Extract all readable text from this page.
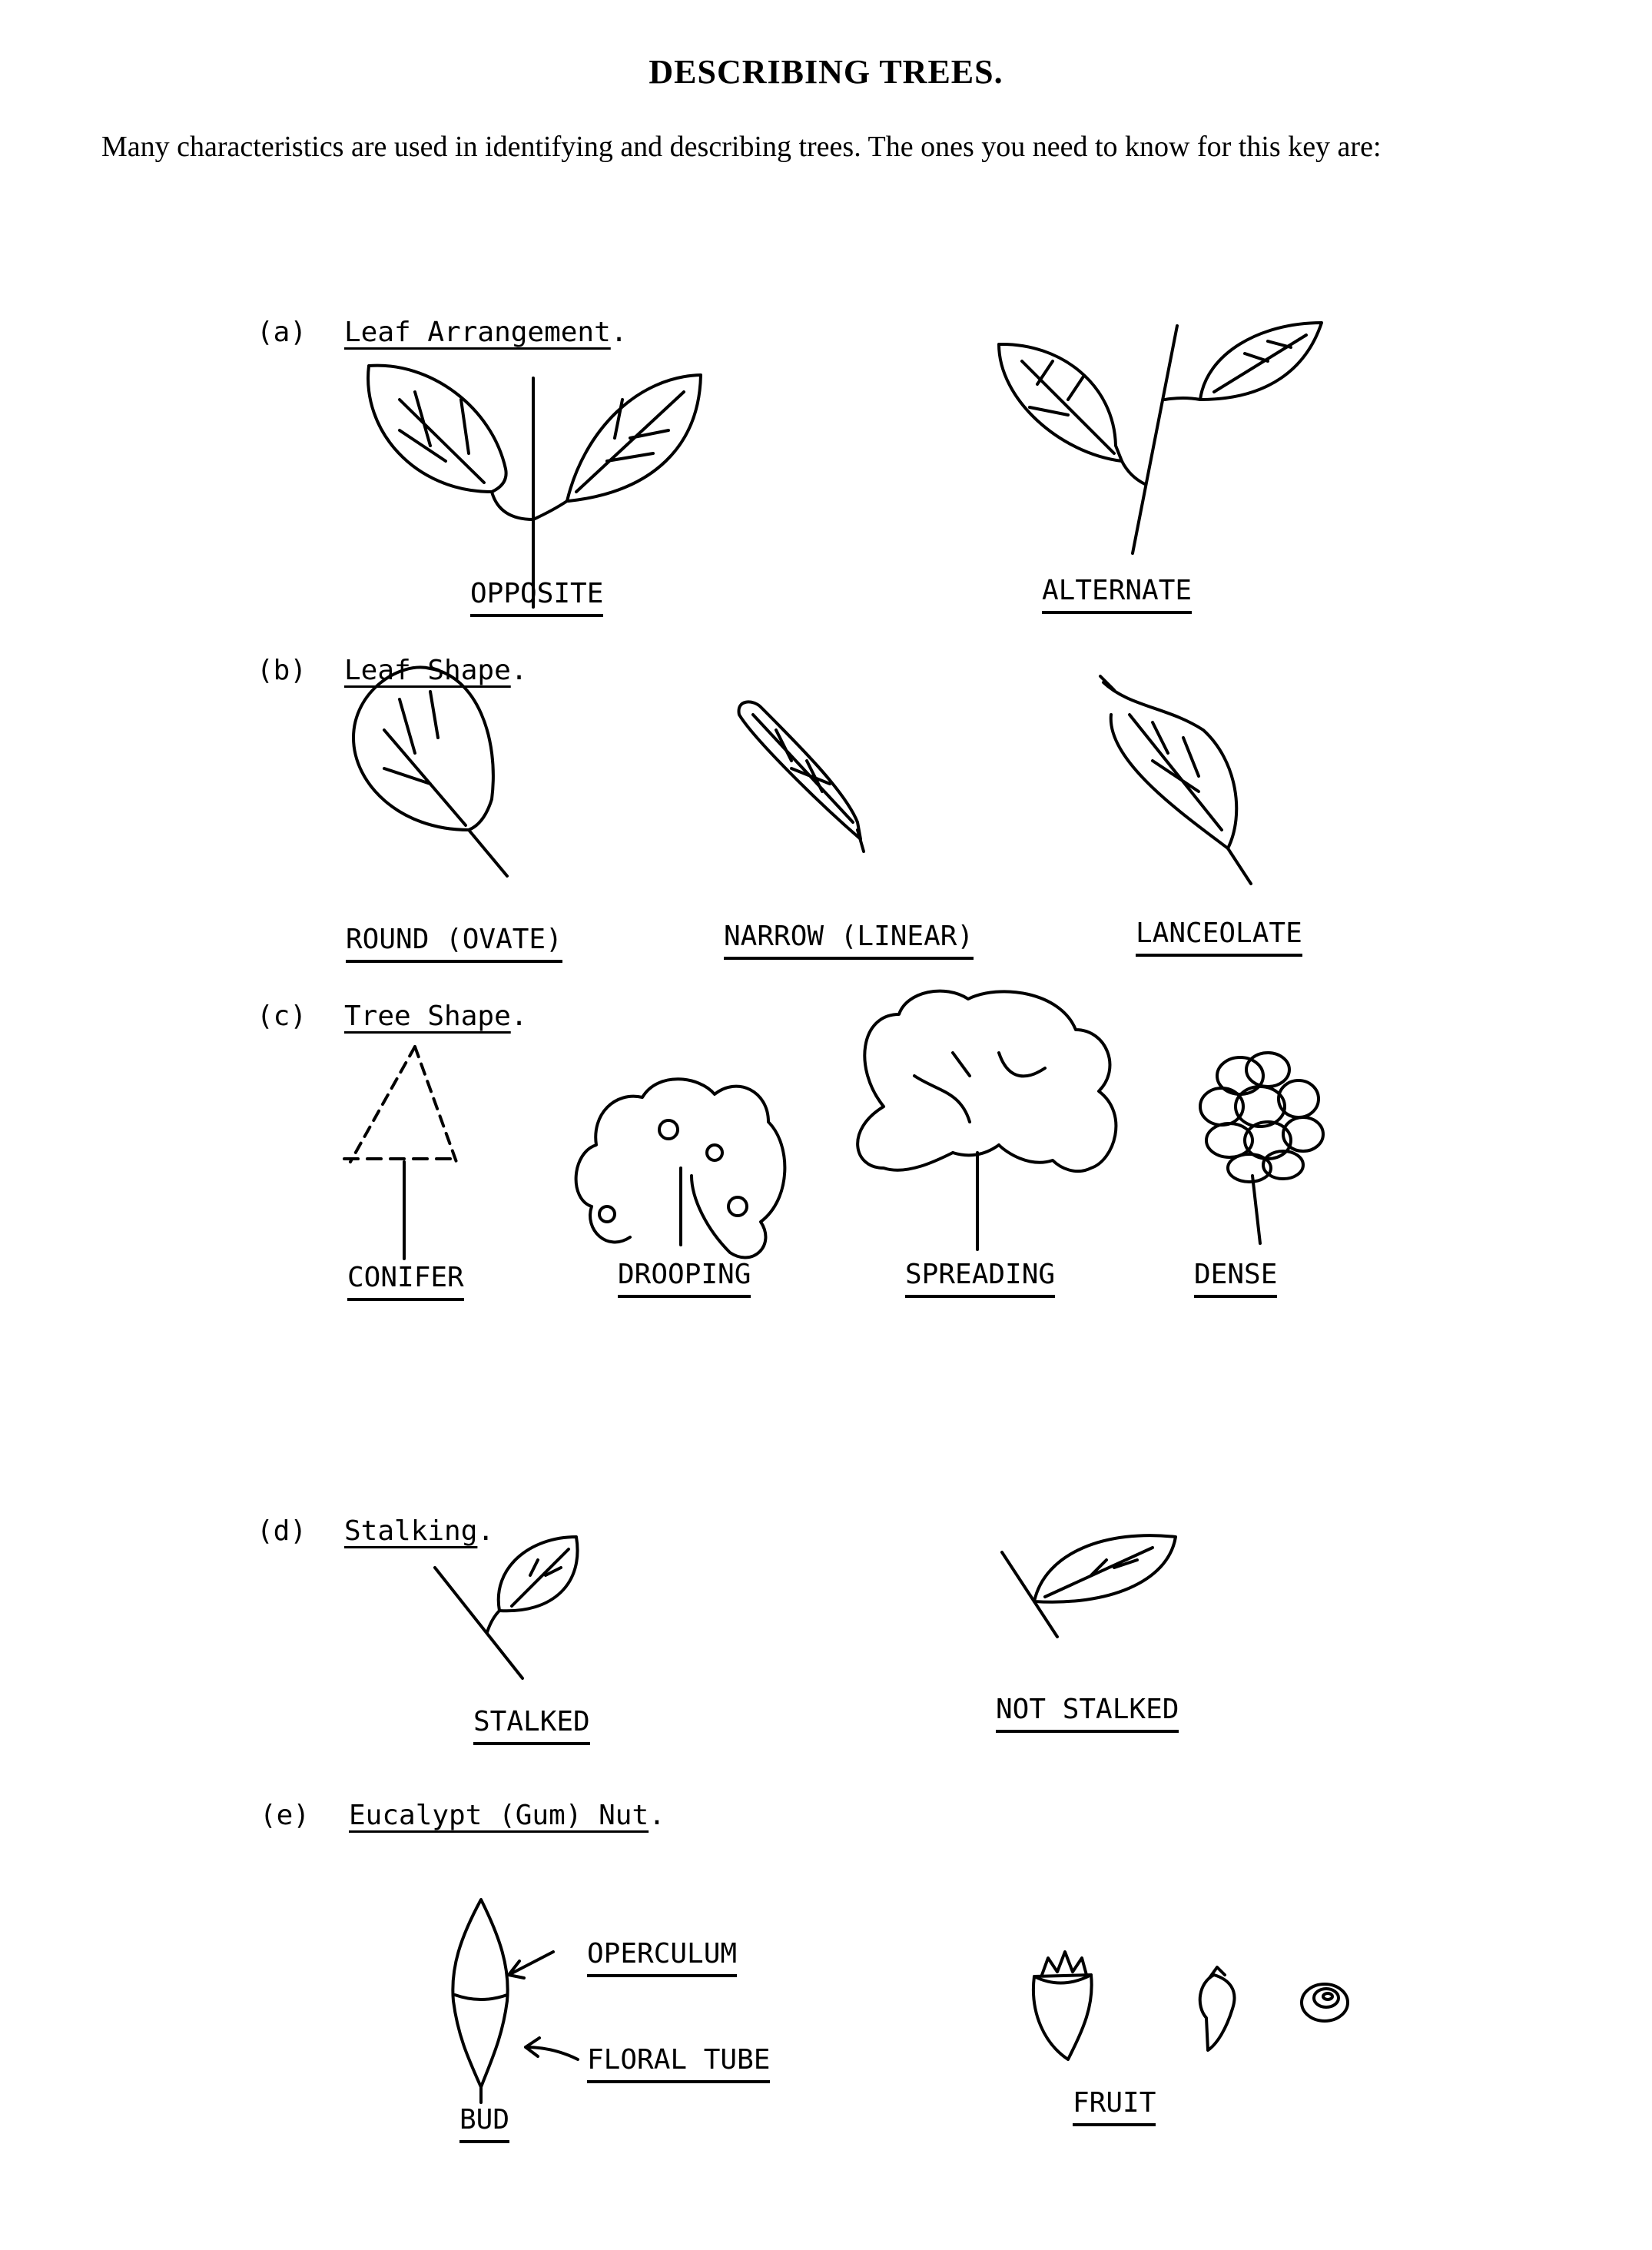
DESCRIBING TREES.
Many characteristics are used in identifying and describing trees. The ones you need to know for this key are:
(a) Leaf Arrangement.
OPPOSITE	ALTERNATE
(b) Leaf Shape.
ROUND (OVATE)	NARROW (LINEAR)	LANCEOLATE
(c) Tree Shape.
CONIFER	DROOPING	SPREADING	DENSE
(d) Stalking.
STALKED	NOT STALKED
(e) Eucalypt (Gum) Nut.
OPERCULUM
FLORAL TUBE
BUD
FRUIT
